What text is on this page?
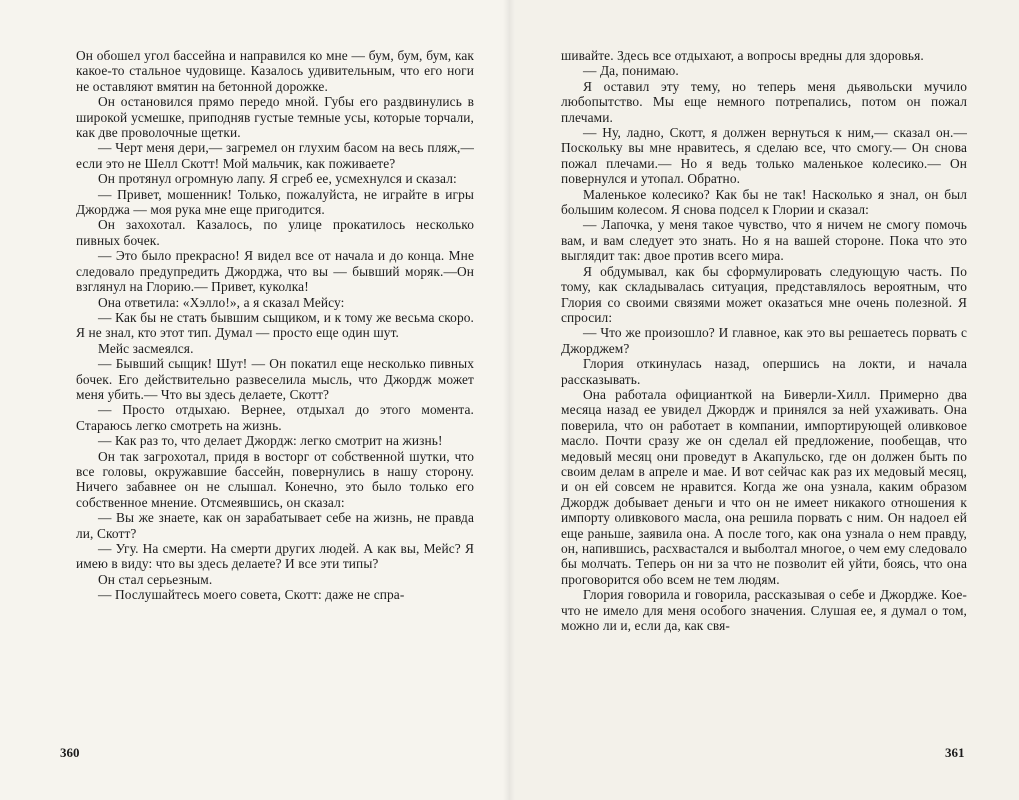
Он обошел угол бассейна и направился ко мне — бум, бум, бум, как какое-то стальное чудовище. Казалось удивительным, что его ноги не оставляют вмятин на бетонной дорожке.

Он остановился прямо передо мной. Губы его раздвинулись в широкой усмешке, приподняв густые темные усы, которые торчали, как две проволочные щетки.

— Черт меня дери,— загремел он глухим басом на весь пляж,— если это не Шелл Скотт! Мой мальчик, как поживаете?

Он протянул огромную лапу. Я сгреб ее, усмехнулся и сказал:

— Привет, мошенник! Только, пожалуйста, не играйте в игры Джорджа — моя рука мне еще пригодится.

Он захохотал. Казалось, по улице прокатилось несколько пивных бочек.

— Это было прекрасно! Я видел все от начала и до конца. Мне следовало предупредить Джорджа, что вы — бывший моряк.—Он взглянул на Глорию.— Привет, куколка!

Она ответила: «Хэлло!», а я сказал Мейсу:

— Как бы не стать бывшим сыщиком, и к тому же весьма скоро. Я не знал, кто этот тип. Думал — просто еще один шут.

Мейс засмеялся.

— Бывший сыщик! Шут! — Он покатил еще несколько пивных бочек. Его действительно развеселила мысль, что Джордж может меня убить.— Что вы здесь делаете, Скотт?

— Просто отдыхаю. Вернее, отдыхал до этого момента. Стараюсь легко смотреть на жизнь.

— Как раз то, что делает Джордж: легко смотрит на жизнь!

Он так загрохотал, придя в восторг от собственной шутки, что все головы, окружавшие бассейн, повернулись в нашу сторону. Ничего забавнее он не слышал. Конечно, это было только его собственное мнение. Отсмеявшись, он сказал:

— Вы же знаете, как он зарабатывает себе на жизнь, не правда ли, Скотт?

— Угу. На смерти. На смерти других людей. А как вы, Мейс? Я имею в виду: что вы здесь делаете? И все эти типы?

Он стал серьезным.

— Послушайтесь моего совета, Скотт: даже не спра-

360

шивайте. Здесь все отдыхают, а вопросы вредны для здоровья.

— Да, понимаю.

Я оставил эту тему, но теперь меня дьявольски мучило любопытство. Мы еще немного потрепались, потом он пожал плечами.

— Ну, ладно, Скотт, я должен вернуться к ним,— сказал он.— Поскольку вы мне нравитесь, я сделаю все, что смогу.— Он снова пожал плечами.— Но я ведь только маленькое колесико.— Он повернулся и утопал. Обратно.

Маленькое колесико? Как бы не так! Насколько я знал, он был большим колесом. Я снова подсел к Глории и сказал:

— Лапочка, у меня такое чувство, что я ничем не смогу помочь вам, и вам следует это знать. Но я на вашей стороне. Пока что это выглядит так: двое против всего мира.

Я обдумывал, как бы сформулировать следующую часть. По тому, как складывалась ситуация, представлялось вероятным, что Глория со своими связями может оказаться мне очень полезной. Я спросил:

— Что же произошло? И главное, как это вы решаетесь порвать с Джорджем?

Глория откинулась назад, опершись на локти, и начала рассказывать.

Она работала официанткой на Биверли-Хилл. Примерно два месяца назад ее увидел Джордж и принялся за ней ухаживать. Она поверила, что он работает в компании, импортирующей оливковое масло. Почти сразу же он сделал ей предложение, пообещав, что медовый месяц они проведут в Акапульско, где он должен быть по своим делам в апреле и мае. И вот сейчас как раз их медовый месяц, и он ей совсем не нравится. Когда же она узнала, каким образом Джордж добывает деньги и что он не имеет никакого отношения к импорту оливкового масла, она решила порвать с ним. Он надоел ей еще раньше, заявила она. А после того, как она узнала о нем правду, он, напившись, расхвастался и выболтал многое, о чем ему следовало бы молчать. Теперь он ни за что не позволит ей уйти, боясь, что она проговорится обо всем не тем людям.

Глория говорила и говорила, рассказывая о себе и Джордже. Кое-что не имело для меня особого значения. Слушая ее, я думал о том, можно ли и, если да, как свя-

361
